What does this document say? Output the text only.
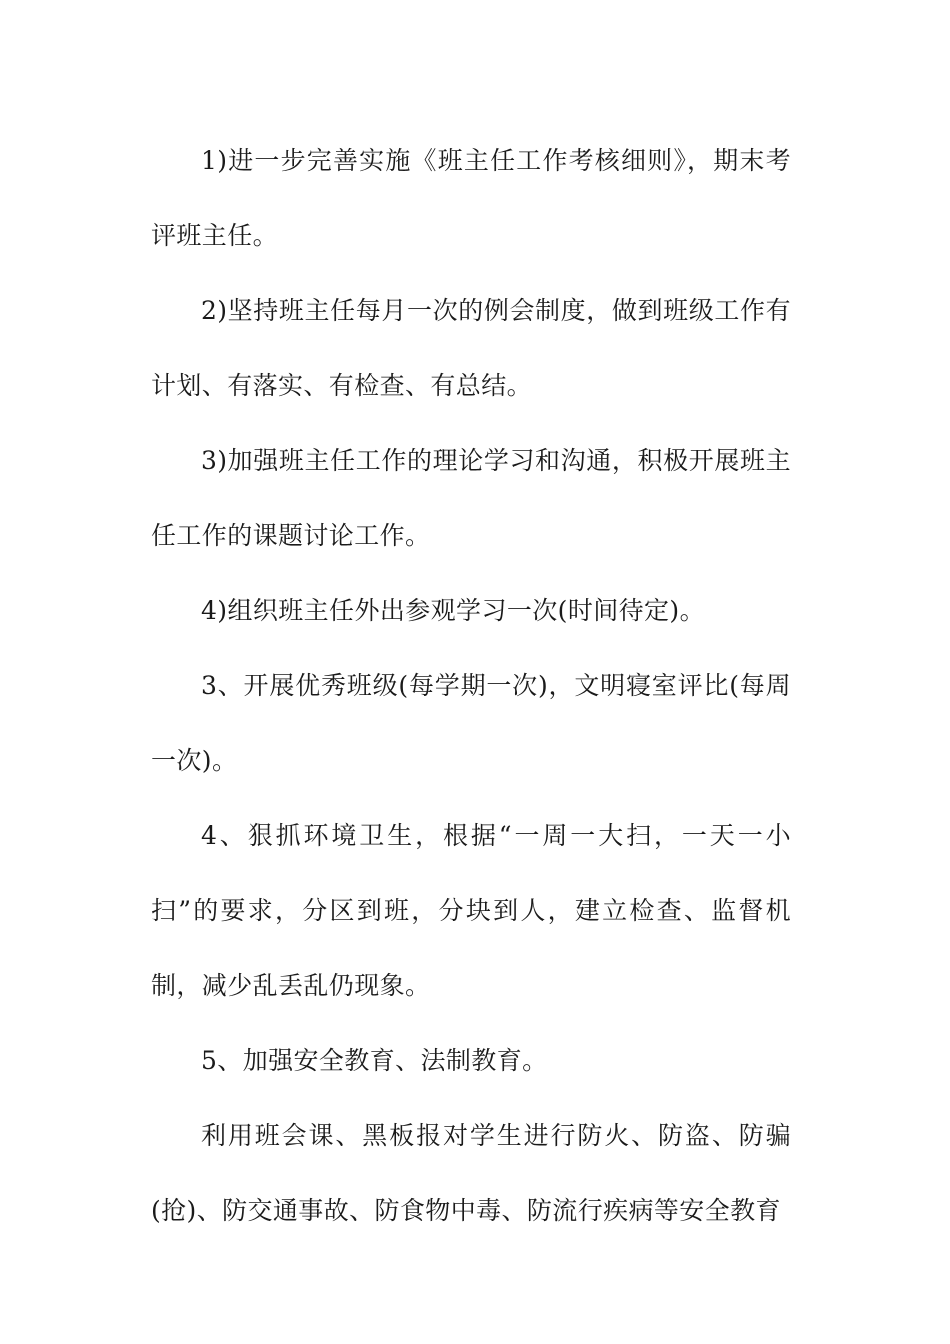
1)进一步完善实施《班主任工作考核细则》，期末考评班主任。

2)坚持班主任每月一次的例会制度，做到班级工作有计划、有落实、有检查、有总结。

3)加强班主任工作的理论学习和沟通，积极开展班主任工作的课题讨论工作。

4)组织班主任外出参观学习一次(时间待定)。

3、开展优秀班级(每学期一次)，文明寝室评比(每周一次)。

4、狠抓环境卫生，根据“一周一大扫，一天一小扫”的要求，分区到班，分块到人，建立检查、监督机制，减少乱丢乱仍现象。

5、加强安全教育、法制教育。

利用班会课、黑板报对学生进行防火、防盗、防骗(抢)、防交通事故、防食物中毒、防流行疾病等安全教育
